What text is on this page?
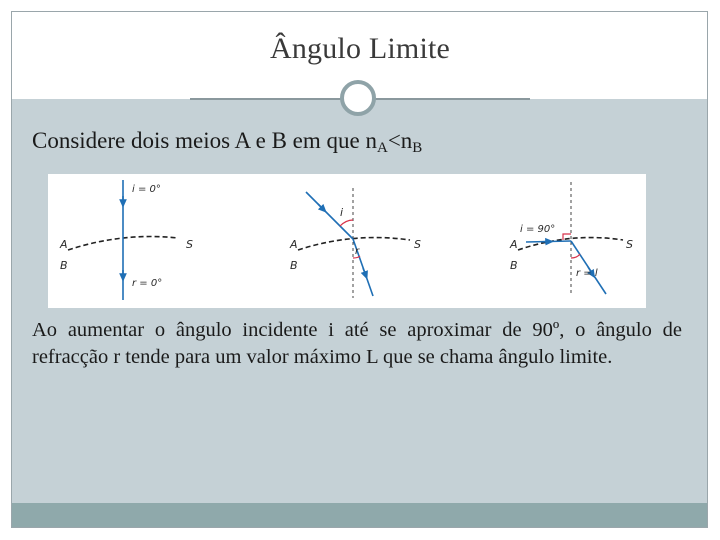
Ângulo Limite
Considere dois meios A e B em que $n_A<n_B$
i = 0°
r = 0°
A
B
S
i
r
A
B
S
i = 90°
r = l
A
B
S
Ao aumentar o ângulo incidente i até se aproximar de 90º, o ângulo de refracção r tende para um valor máximo L que se chama ângulo limite.
